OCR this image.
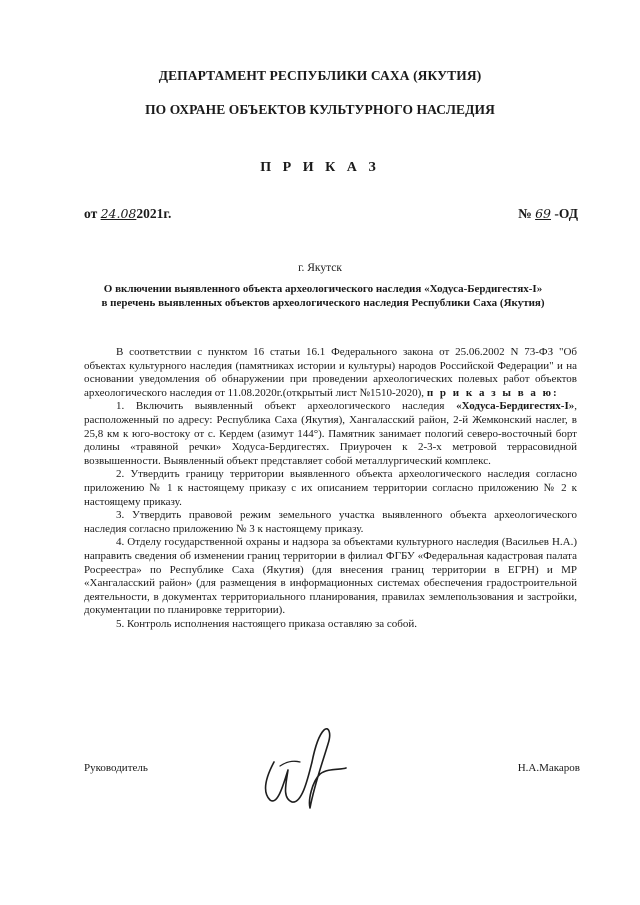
ДЕПАРТАМЕНТ РЕСПУБЛИКИ САХА (ЯКУТИЯ)
ПО ОХРАНЕ ОБЪЕКТОВ КУЛЬТУРНОГО НАСЛЕДИЯ
П Р И К А З
от 24.082021г.	№ 69 -ОД
г. Якутск
О включении выявленного объекта археологического наследия «Ходуса-Бердигестях-I» в перечень выявленных объектов археологического наследия Республики Саха (Якутия)

В соответствии с пунктом 16 статьи 16.1 Федерального закона от 25.06.2002 N 73-ФЗ "Об объектах культурного наследия (памятниках истории и культуры) народов Российской Федерации" и на основании уведомления об обнаружении при проведении археологических полевых работ объектов археологического наследия от 11.08.2020г.(открытый лист №1510-2020), п р и к а з ы в а ю:

1. Включить выявленный объект археологического наследия «Ходуса-Бердигестях-I», расположенный по адресу: Республика Саха (Якутия), Хангаласский район, 2-й Жемконский наслег, в 25,8 км к юго-востоку от с. Кердем (азимут 144°). Памятник занимает пологий северо-восточный борт долины «травяной речки» Ходуса-Бердигестях. Приурочен к 2-3-х метровой террасовидной возвышенности. Выявленный объект представляет собой металлургический комплекс.

2. Утвердить границу территории выявленного объекта археологического наследия согласно приложению № 1 к настоящему приказу с их описанием территории согласно приложению № 2 к настоящему приказу.

3. Утвердить правовой режим земельного участка выявленного объекта археологического наследия согласно приложению № 3 к настоящему приказу.

4. Отделу государственной охраны и надзора за объектами культурного наследия (Васильев Н.А.) направить сведения об изменении границ территории в филиал ФГБУ «Федеральная кадастровая палата Росреестра» по Республике Саха (Якутия) (для внесения границ территории в ЕГРН) и МР «Хангаласский район» (для размещения в информационных системах обеспечения градостроительной деятельности, в документах территориального планирования, правилах землепользования и застройки, документации по планировке территории).

5. Контроль исполнения настоящего приказа оставляю за собой.

Руководитель	Н.А.Макаров
